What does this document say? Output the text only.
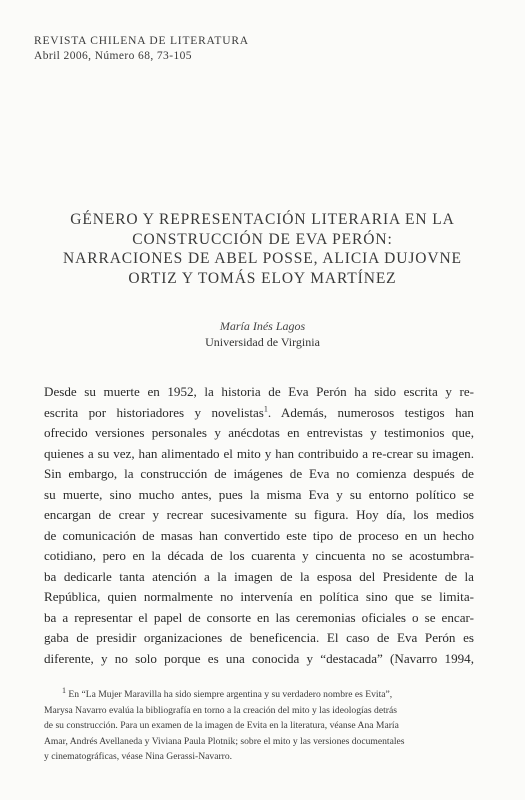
REVISTA CHILENA DE LITERATURA
Abril 2006, Número 68, 73-105
GÉNERO Y REPRESENTACIÓN LITERARIA EN LA
CONSTRUCCIÓN DE EVA PERÓN:
NARRACIONES DE ABEL POSSE, ALICIA DUJOVNE
ORTIZ Y TOMÁS ELOY MARTÍNEZ
María Inés Lagos
Universidad de Virginia
Desde su muerte en 1952, la historia de Eva Perón ha sido escrita y re-
escrita por historiadores y novelistas$^1$. Además, numerosos testigos han
ofrecido versiones personales y anécdotas en entrevistas y testimonios que,
quienes a su vez, han alimentado el mito y han contribuido a re-crear su imagen.
Sin embargo, la construcción de imágenes de Eva no comienza después de
su muerte, sino mucho antes, pues la misma Eva y su entorno político se
encargan de crear y recrear sucesivamente su figura. Hoy día, los medios
de comunicación de masas han convertido este tipo de proceso en un hecho
cotidiano, pero en la década de los cuarenta y cincuenta no se acostumbra-
ba dedicarle tanta atención a la imagen de la esposa del Presidente de la
República, quien normalmente no intervenía en política sino que se limita-
ba a representar el papel de consorte en las ceremonias oficiales o se encar-
gaba de presidir organizaciones de beneficencia. El caso de Eva Perón es
diferente, y no solo porque es una conocida y “destacada” (Navarro 1994,
$^1$ En “La Mujer Maravilla ha sido siempre argentina y su verdadero nombre es Evita”,
Marysa Navarro evalúa la bibliografía en torno a la creación del mito y las ideologías detrás
de su construcción. Para un examen de la imagen de Evita en la literatura, véanse Ana María
Amar, Andrés Avellaneda y Viviana Paula Plotnik; sobre el mito y las versiones documentales
y cinematográficas, véase Nina Gerassi-Navarro.
